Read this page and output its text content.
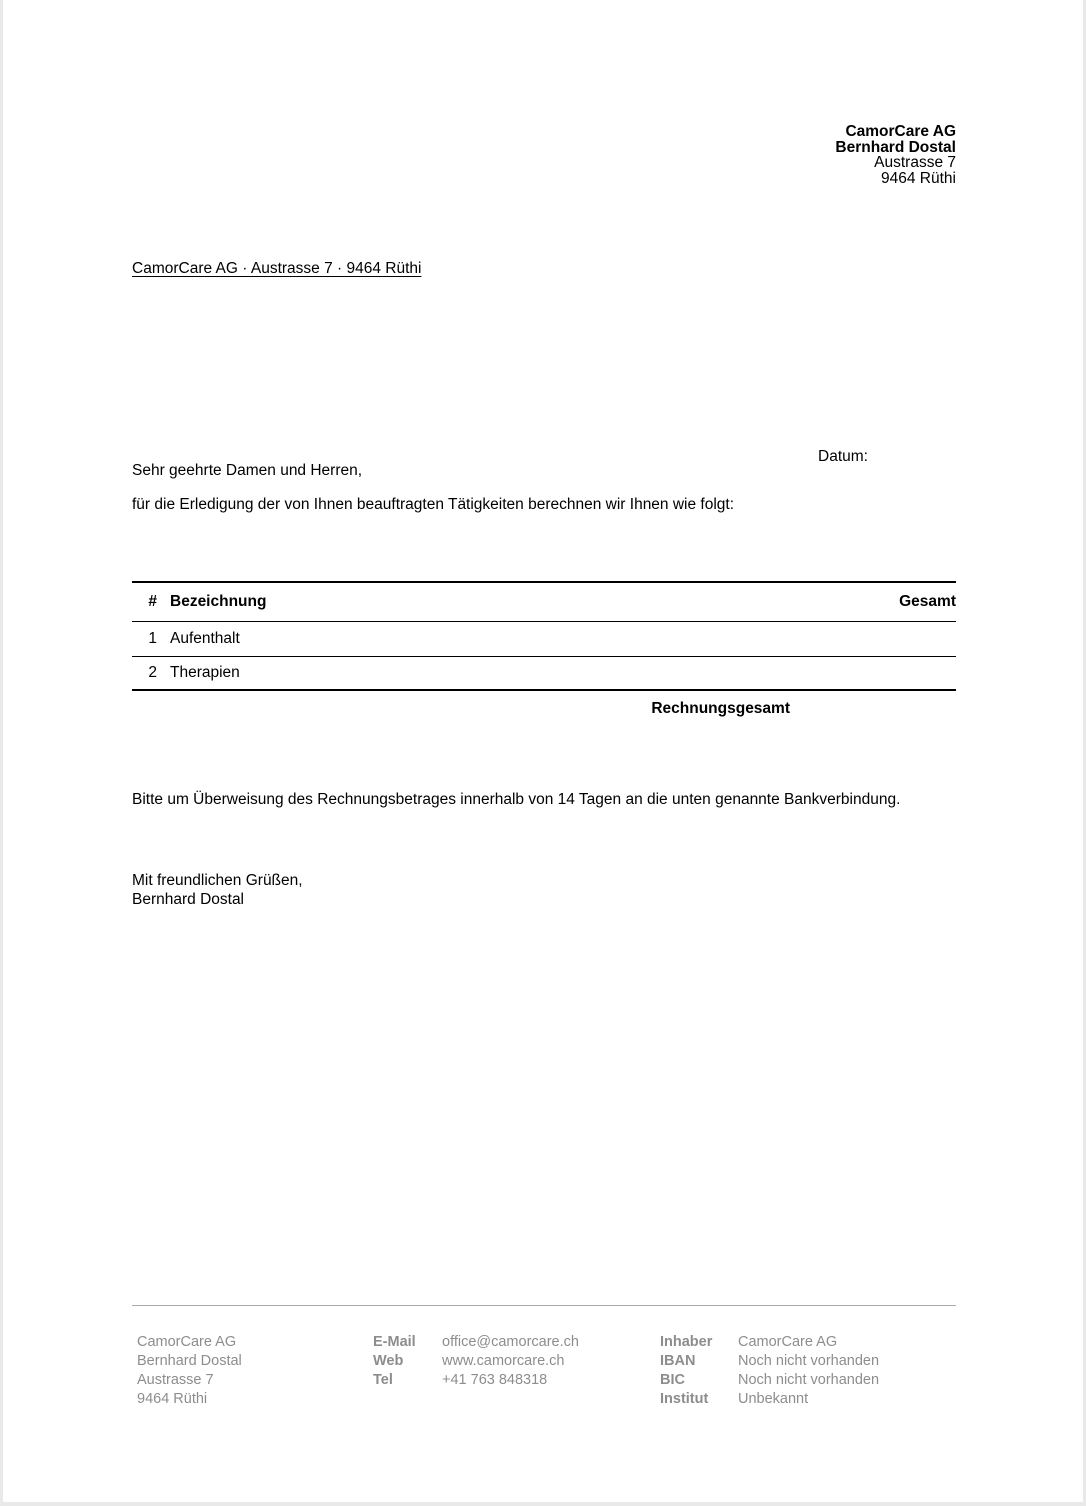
CamorCare AG
Bernhard Dostal
Austrasse 7
9464 Rüthi
CamorCare AG · Austrasse 7 · 9464 Rüthi
Datum:
Sehr geehrte Damen und Herren,
für die Erledigung der von Ihnen beauftragten Tätigkeiten berechnen wir Ihnen wie folgt:
# Bezeichnung	Gesamt
1 Aufenthalt
2 Therapien
Rechnungsgesamt
Bitte um Überweisung des Rechnungsbetrages innerhalb von 14 Tagen an die unten genannte Bankverbindung.
Mit freundlichen Grüßen,
Bernhard Dostal
CamorCare AG
Bernhard Dostal
Austrasse 7
9464 Rüthi
E-Mail	office@camorcare.ch
Web	www.camorcare.ch
Tel	+41 763 848318
Inhaber	CamorCare AG
IBAN	Noch nicht vorhanden
BIC	Noch nicht vorhanden
Institut	Unbekannt
